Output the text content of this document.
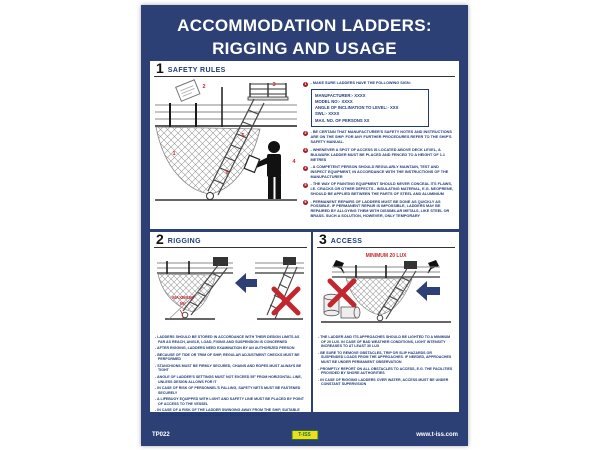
ACCOMMODATION LADDERS:
RIGGING AND USAGE
1 SAFETY RULES
1
2	3
4
5
6
1	- MAKE SURE LADDERS HAVE THE FOLLOWING SIGN:
MANUFACTURER:- XXXX
MODEL NO:- XXXX
ANGLE OF INCLINATION TO LEVEL:- XXX
SWL:- XXXX
MAX. NO. OF PERSONS XX
2	- BE CERTAIN THAT MANUFACTURER'S SAFETY NOTES AND INSTRUCTIONS ARE ON THE SHIP. FOR ANY FURTHER PROCEDURES REFER TO THE SHIP'S SAFETY MANUAL.
3	- WHENEVER A SPOT OF ACCESS IS LOCATED ABOVE DECK LEVEL, A BULWARK LADDER MUST BE PLACED AND FENCED TO A HEIGHT OF 1.1 METRES
4	- A COMPETENT PERSON SHOULD REGULARLY MAINTAIN, TEST AND INSPECT EQUIPMENT, IN ACCORDANCE WITH THE INSTRUCTIONS OF THE MANUFACTURER
5	- THE WAY OF PAINTING EQUIPMENT SHOULD NEVER CONCEAL ITS FLAWS, I.E. CRACKS OR OTHER DEFECTS - INSULATING MATERIAL, E.G. NEOPRENE, SHOULD BE APPLIED BETWEEN THE PARTS OF STEEL AND ALUMINIUM
6	- PERMANENT REPAIRS OF LADDERS MUST BE DONE AS QUICKLY AS POSSIBLE. IF PERMANENT REPAIR IS IMPOSSIBLE, LADDERS MAY BE REPAIRED BY ALLOYING THEM WITH DISSIMILAR METALS, LIKE STEEL OR BRASS. SUCH A SOLUTION, HOWEVER, ONLY TEMPORARY
2 RIGGING
MAXIMUM
55°
- LADDERS SHOULD BE STORED IN ACCORDANCE WITH THEIR DESIGN LIMITS AS FAR AS REACH, ANGLE, LOAD, FIXING AND SUSPENSION IS CONCERNED
- AFTER RIGGING, LADDERS NEED EXAMINATION BY AN AUTHORIZED PERSON
- BECAUSE OF TIDE OR TRIM OF SHIP, REGULAR ADJUSTMENT CHECKS MUST BE PERFORMED
- STANCHIONS MUST BE FIRMLY SECURED, CHAINS AND ROPES MUST ALWAYS BE TIGHT
- ANGLE OF LADDER'S SETTINGS MUST NOT EXCEED 55° FROM HORIZONTAL LINE, UNLESS DESIGN ALLOWS FOR IT
- IN CASE OF RISK OF PERSONNEL'S FALLING, SAFETY NETS MUST BE FASTENED SECURELY
- A LIFEBUOY EQUIPPED WITH LIGHT AND SAFETY LINE MUST BE PLACED BY POINT OF ACCESS TO THE VESSEL
- IN CASE OF A RISK OF THE LADDER SWINGING AWAY FROM THE SHIP, SUITABLE WAYS OF SECURING AND FASTENING IT SHOULD BE APPLIED
3 ACCESS
MINIMUM 20 LUX
- THE LADDER AND ITS APPROACHES SHOULD BE LIGHTED TO A MINIMUM OF 20 LUX. IN CASE OF BAD WEATHER CONDITIONS, LIGHT INTENSITY INCREASES TO AT LEAST 30 LUX
- BE SURE TO REMOVE OBSTACLES, TRIP OR SLIP HAZARDS OR SUSPENDED LOADS FROM THE APPROACHES. IF NEEDED, APPROACHES MUST BE UNDER PERMANENT OBSERVATION
- PROMPTLY REPORT ON ALL OBSTACLES TO ACCESS, E.G. THE FACILITIES PROVIDED BY SHORE AUTHORITIES
- IN CASE OF RIGGING LADDERS OVER WATER, ACCESS MUST BE UNDER CONSTANT SUPERVISION
TP022	T-ISS	www.t-iss.com
